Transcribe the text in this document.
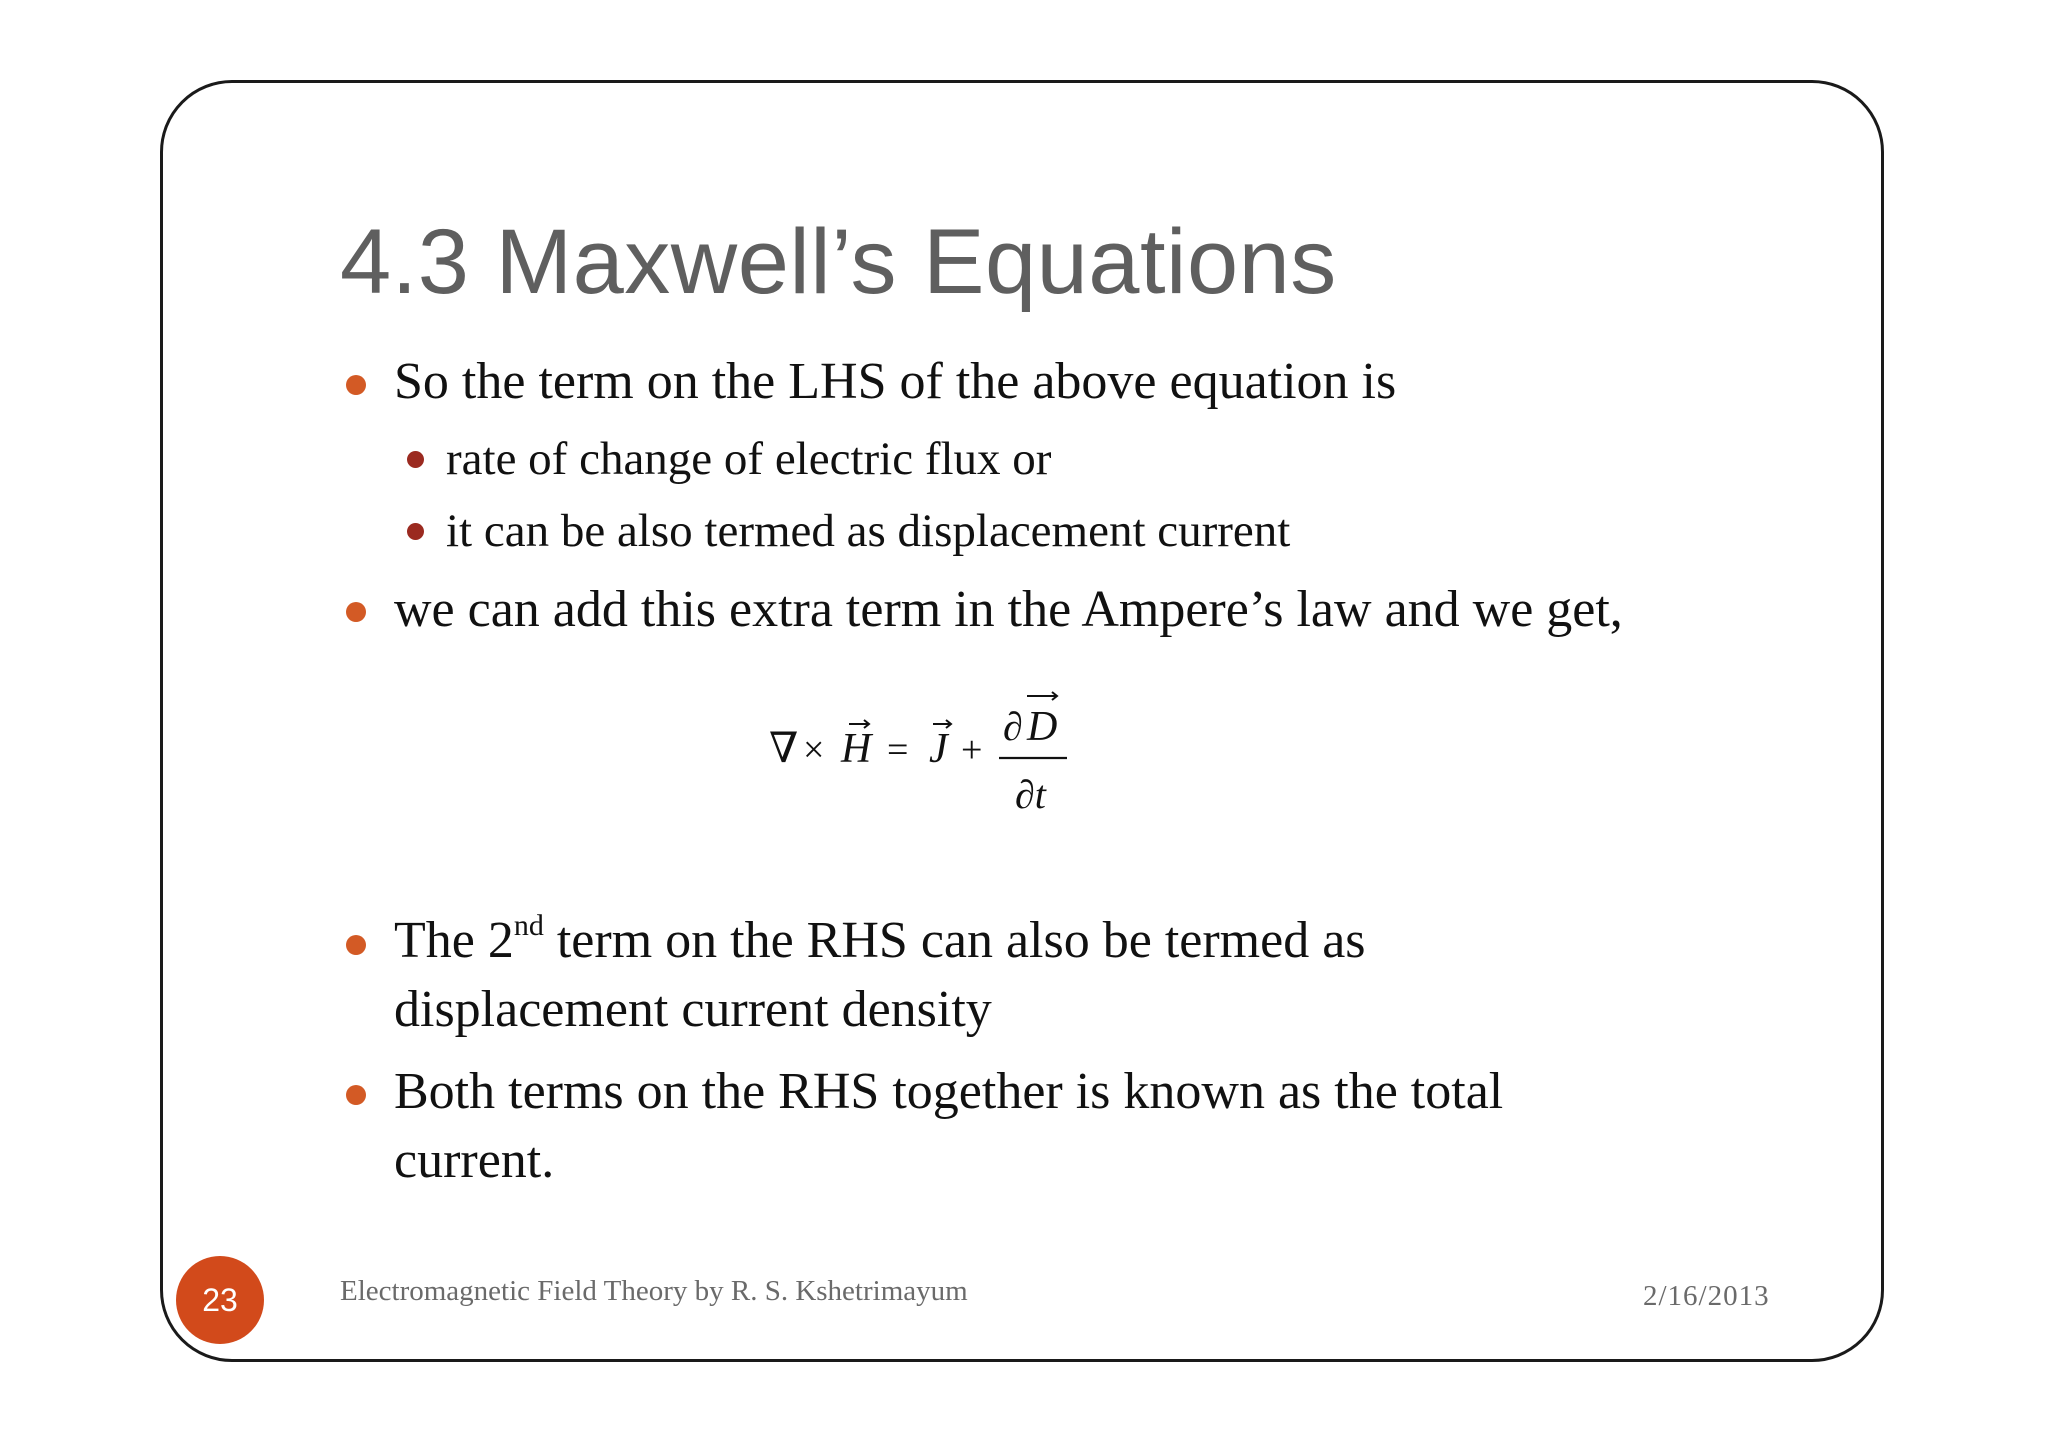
4.3 Maxwell’s Equations
So the term on the LHS of the above equation is
rate of change of electric flux or
it can be also termed as displacement current
we can add this extra term in the Ampere’s law and we get,
∇ × H = J +
∂ D
∂t
The 2nd term on the RHS can also be termed as
displacement current density
Both terms on the RHS together is known as the total
current.
23	Electromagnetic Field Theory by R. S. Kshetrimayum	2/16/2013
